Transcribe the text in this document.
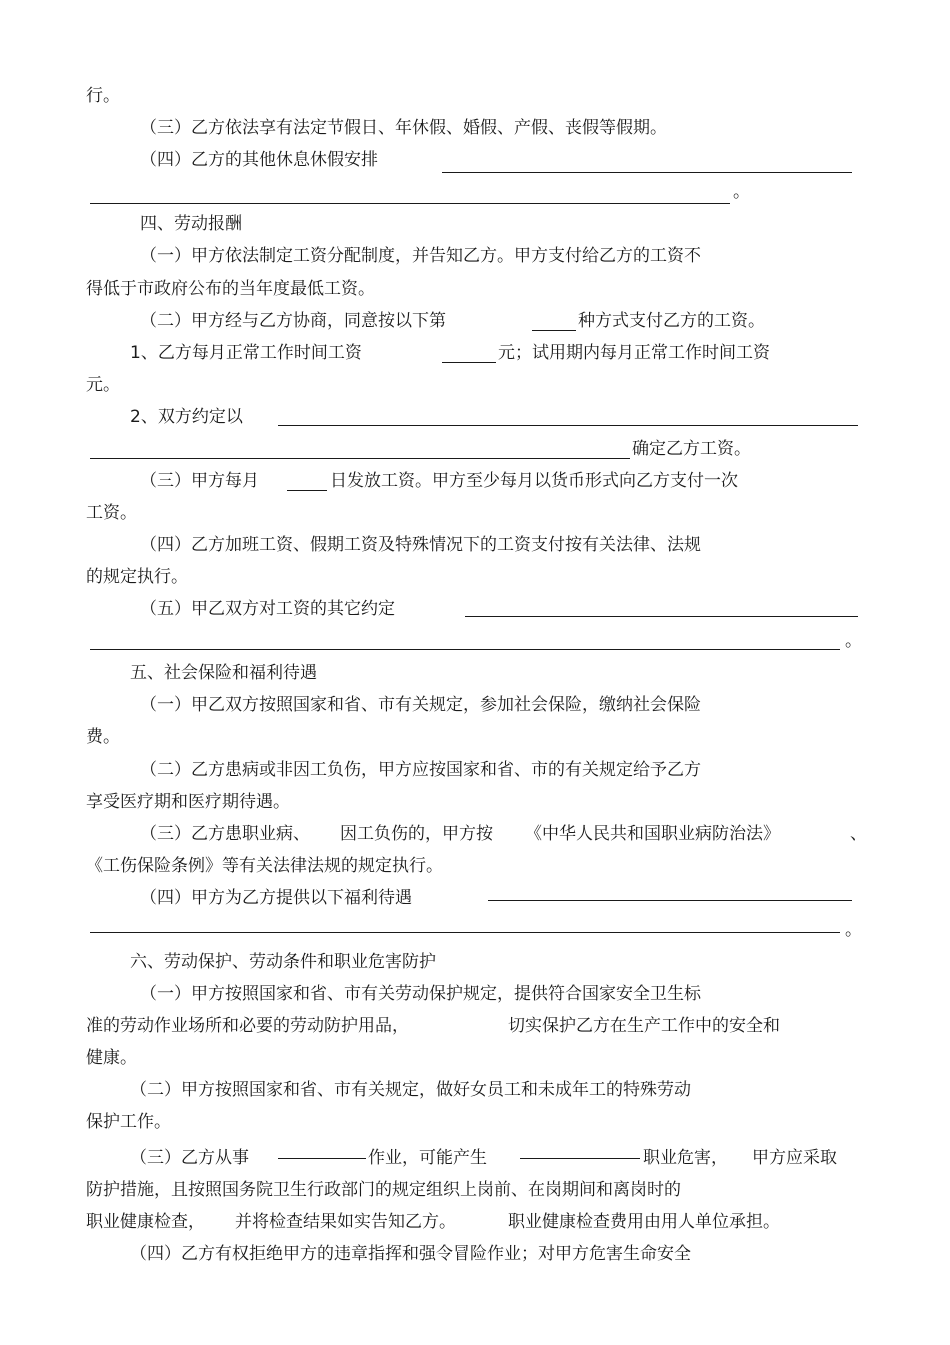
行。
（三）乙方依法享有法定节假日、年休假、婚假、产假、丧假等假期。
（四）乙方的其他休息休假安排
。
四、劳动报酬
（一）甲方依法制定工资分配制度，并告知乙方。甲方支付给乙方的工资不
得低于市政府公布的当年度最低工资。
（二）甲方经与乙方协商，同意按以下第	种方式支付乙方的工资。
1、乙方每月正常工作时间工资	元；试用期内每月正常工作时间工资
元。
2、双方约定以
确定乙方工资。
（三）甲方每月	日发放工资。甲方至少每月以货币形式向乙方支付一次
工资。
（四）乙方加班工资、假期工资及特殊情况下的工资支付按有关法律、法规
的规定执行。
（五）甲乙双方对工资的其它约定
。
五、社会保险和福利待遇
（一）甲乙双方按照国家和省、市有关规定，参加社会保险，缴纳社会保险
费。
（二）乙方患病或非因工负伤，甲方应按国家和省、市的有关规定给予乙方
享受医疗期和医疗期待遇。
（三）乙方患职业病、 因工负伤的，甲方按 《中华人民共和国职业病防治法》	、
《工伤保险条例》等有关法律法规的规定执行。
（四）甲方为乙方提供以下福利待遇
。
六、劳动保护、劳动条件和职业危害防护
（一）甲方按照国家和省、市有关劳动保护规定，提供符合国家安全卫生标
准的劳动作业场所和必要的劳动防护用品，	切实保护乙方在生产工作中的安全和
健康。
（二）甲方按照国家和省、市有关规定，做好女员工和未成年工的特殊劳动
保护工作。
（三）乙方从事	作业，可能产生	职业危害， 甲方应采取
防护措施，且按照国务院卫生行政部门的规定组织上岗前、在岗期间和离岗时的
职业健康检查， 并将检查结果如实告知乙方。	职业健康检查费用由用人单位承担。
（四）乙方有权拒绝甲方的违章指挥和强令冒险作业；对甲方危害生命安全
